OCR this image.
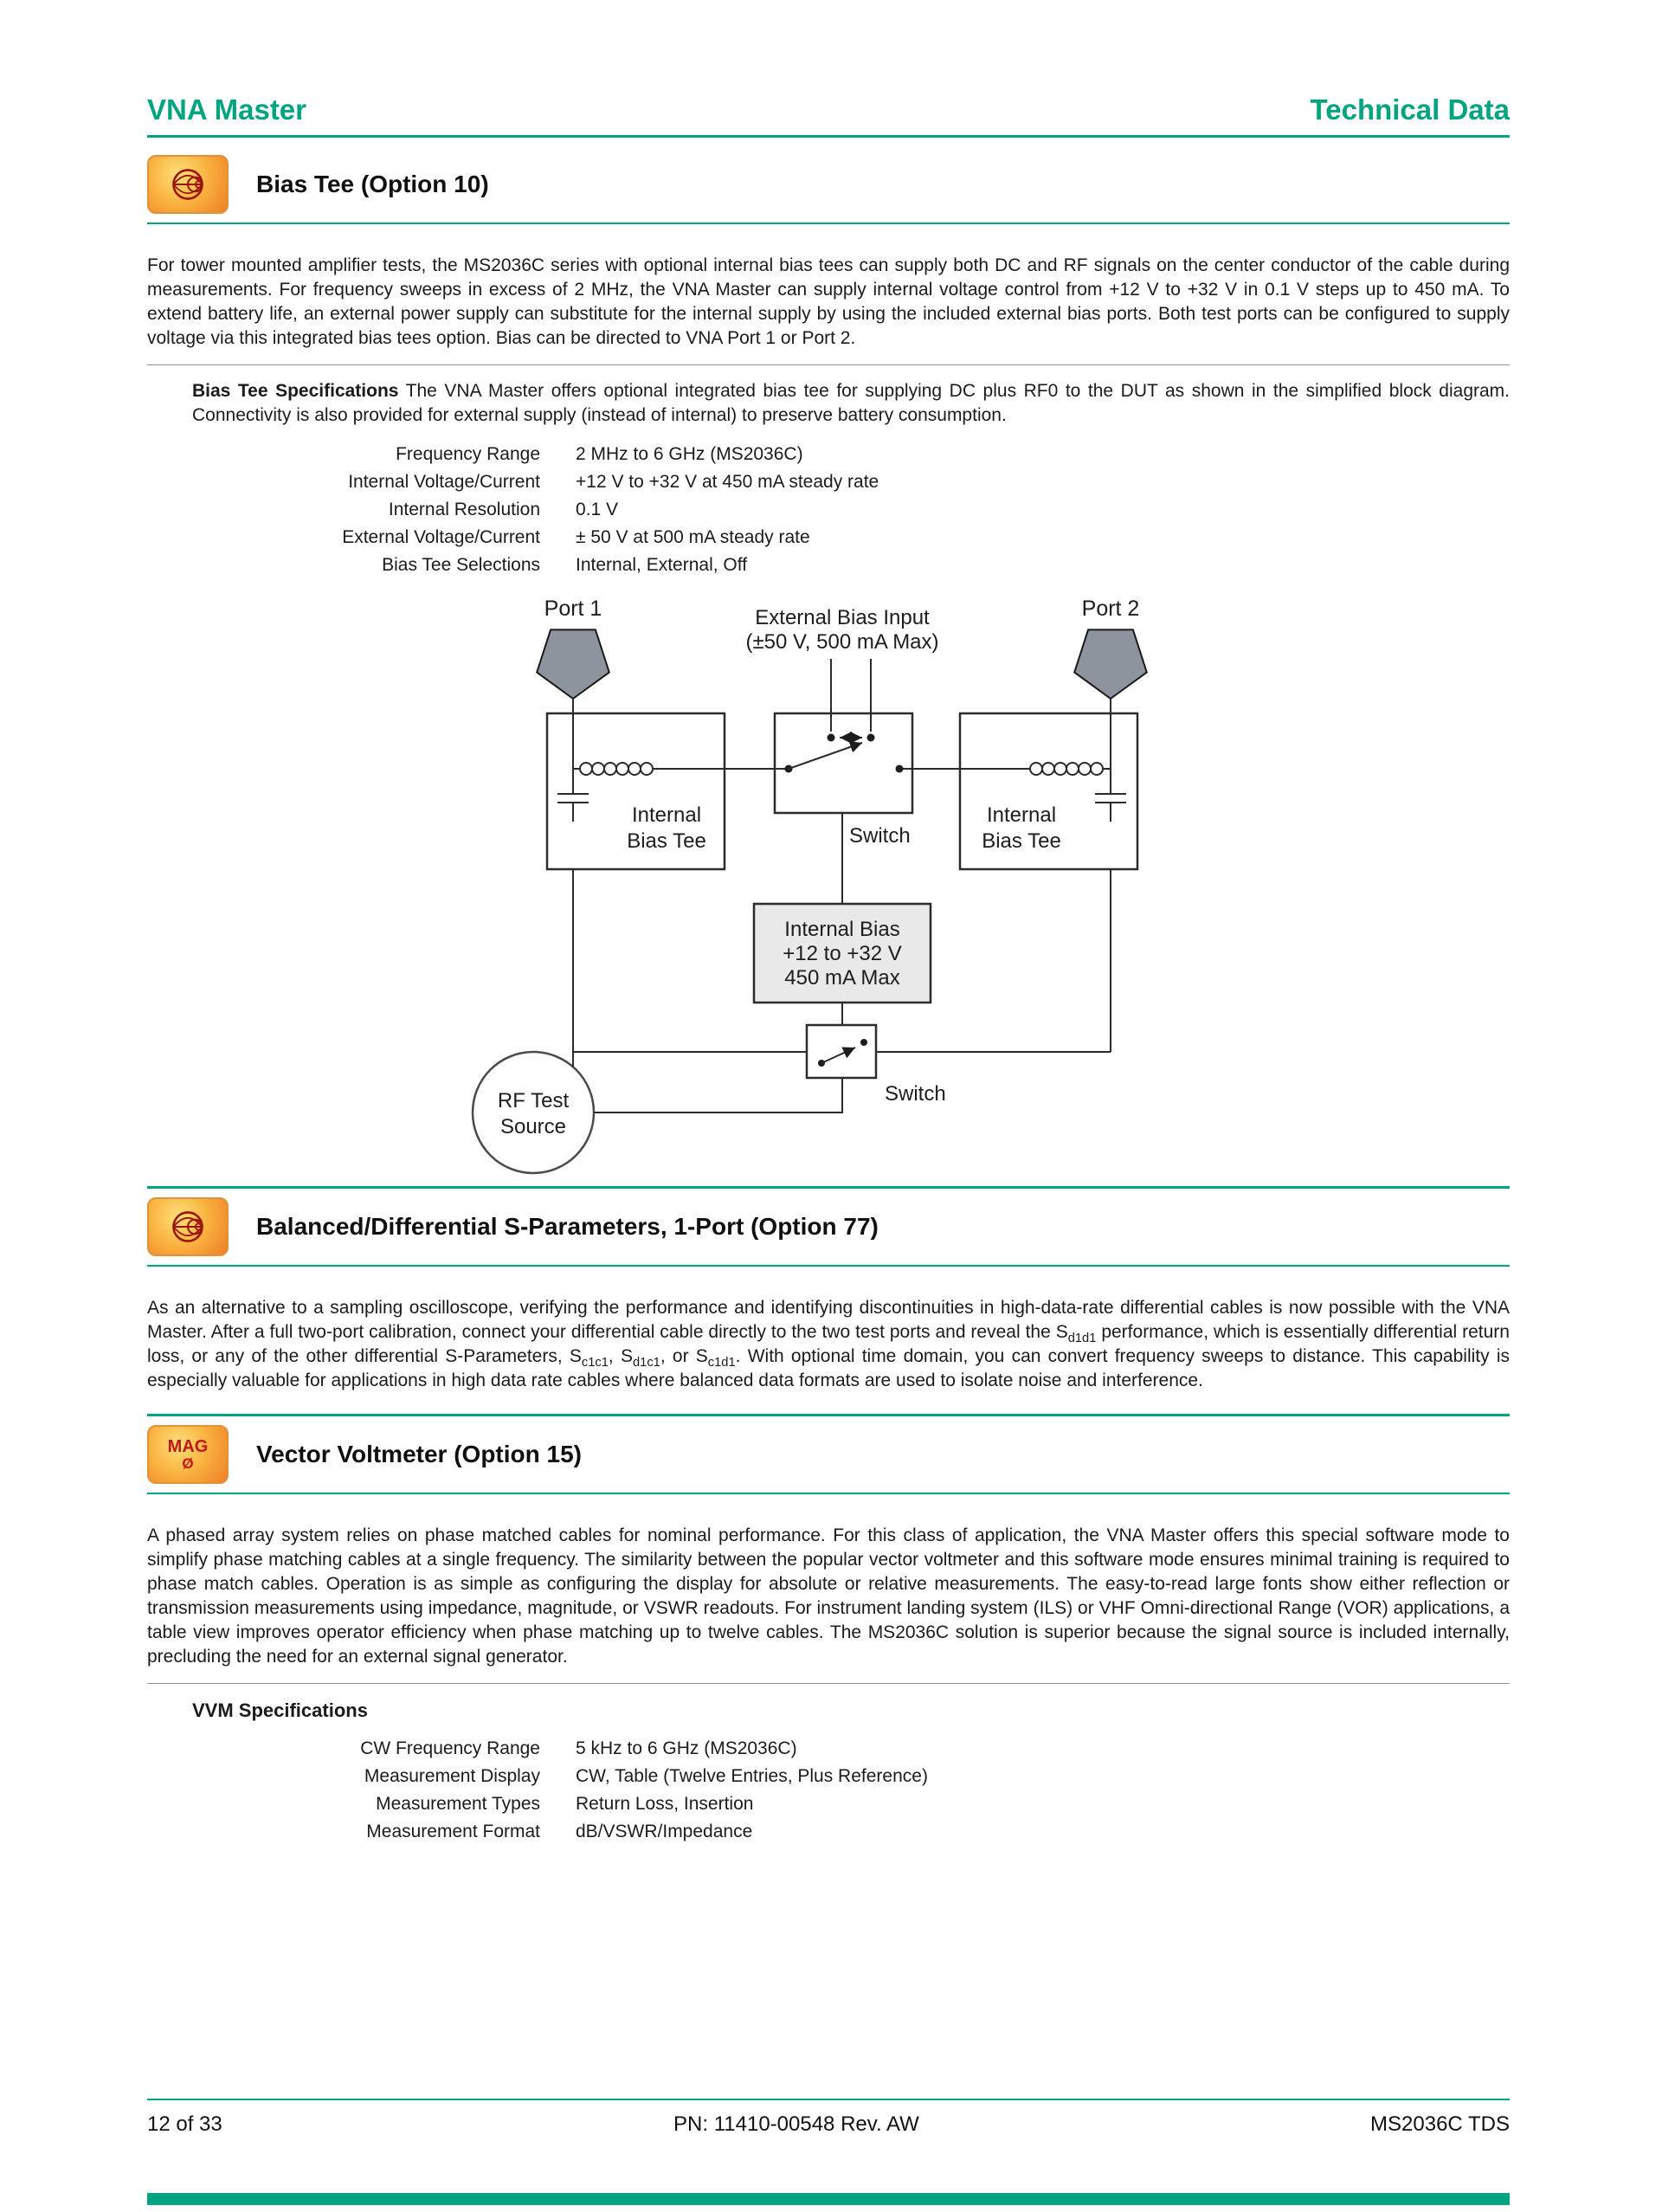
VNA Master	Technical Data
Bias Tee (Option 10)

For tower mounted amplifier tests, the MS2036C series with optional internal bias tees can supply both DC and RF signals on the center conductor of the cable during measurements. For frequency sweeps in excess of 2 MHz, the VNA Master can supply internal voltage control from +12 V to +32 V in 0.1 V steps up to 450 mA. To extend battery life, an external power supply can substitute for the internal supply by using the included external bias ports. Both test ports can be configured to supply voltage via this integrated bias tees option. Bias can be directed to VNA Port 1 or Port 2.

Bias Tee Specifications The VNA Master offers optional integrated bias tee for supplying DC plus RF0 to the DUT as shown in the simplified block diagram. Connectivity is also provided for external supply (instead of internal) to preserve battery consumption.

Frequency Range 2 MHz to 6 GHz (MS2036C)
Internal Voltage/Current +12 V to +32 V at 450 mA steady rate
Internal Resolution 0.1 V
External Voltage/Current ± 50 V at 500 mA steady rate
Bias Tee Selections Internal, External, Off
Port 1	Port 2
External Bias Input
(±50 V, 500 mA Max)
Internal
Bias Tee
Internal
Bias Tee
Switch
Internal Bias
+12 to +32 V
450 mA Max
Switch
RF Test
Source
Balanced/Differential S-Parameters, 1-Port (Option 77)

As an alternative to a sampling oscilloscope, verifying the performance and identifying discontinuities in high-data-rate differential cables is now possible with the VNA Master. After a full two-port calibration, connect your differential cable directly to the two test ports and reveal the $S_{d1d1}$ performance, which is essentially differential return loss, or any of the other differential S-Parameters, $S_{c1c1}$, $S_{d1c1}$, or $S_{c1d1}$. With optional time domain, you can convert frequency sweeps to distance. This capability is especially valuable for applications in high data rate cables where balanced data formats are used to isolate noise and interference.

MAG
Ø	Vector Voltmeter (Option 15)

A phased array system relies on phase matched cables for nominal performance. For this class of application, the VNA Master offers this special software mode to simplify phase matching cables at a single frequency. The similarity between the popular vector voltmeter and this software mode ensures minimal training is required to phase match cables. Operation is as simple as configuring the display for absolute or relative measurements. The easy-to-read large fonts show either reflection or transmission measurements using impedance, magnitude, or VSWR readouts. For instrument landing system (ILS) or VHF Omni-directional Range (VOR) applications, a table view improves operator efficiency when phase matching up to twelve cables. The MS2036C solution is superior because the signal source is included internally, precluding the need for an external signal generator.

VVM Specifications
CW Frequency Range 5 kHz to 6 GHz (MS2036C)
Measurement Display CW, Table (Twelve Entries, Plus Reference)
Measurement Types Return Loss, Insertion
Measurement Format dB/VSWR/Impedance
12 of 33	PN: 11410-00548 Rev. AW	MS2036C TDS
